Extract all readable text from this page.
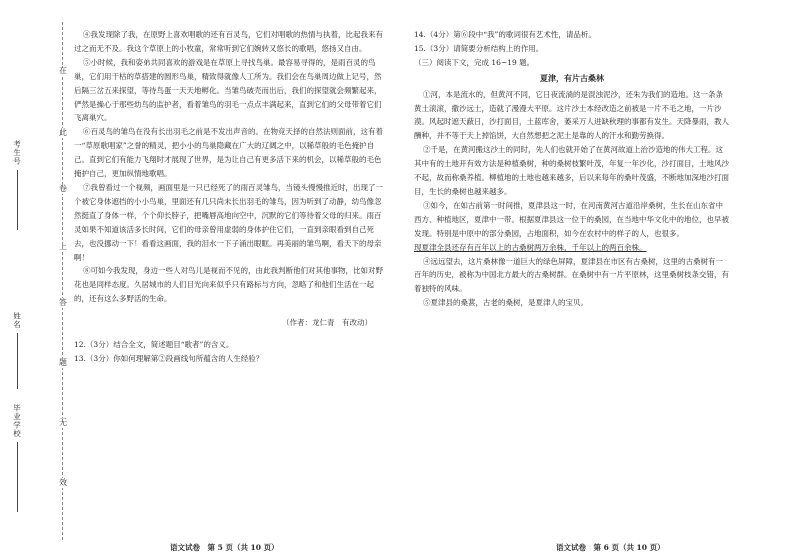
在
此
卷
上
答
题
无
效
考生号
姓名
毕业学校

④我发现除了我，在原野上喜欢唱歌的还有百灵鸟，它们对唱歌的热情与执着，比起我来有过之而无不及。我这个草原上的小牧童，常常听到它们婉转又悠长的歌唱，悠扬又自由。

⑤小时候，我和姿弟共同喜欢的游戏是在草原上寻找鸟巢。最容易寻得的，是雨百灵的鸟巢，它们用干枯的草搭建的圆形鸟巢，精致得就像人工所为。我们会在鸟巢周边做上记号，然后隔三岔五来探望，等待鸟蛋一天天地孵化。当雏鸟破壳而出后，我们的探望就会频繁起来，俨然是操心于那些幼鸟的监护者，看着雏鸟的羽毛一点点丰满起来，直到它们的父母带着它们飞离巢穴。

⑥百灵鸟的雏鸟在没有长出羽毛之前是不发出声音的。在物竞天择的自然法则面前，这有着一“草原歌唱家”之誉的精灵，把小小的鸟巢隐藏在广大的辽阔之中，以稀草般的毛色掩护自己。直到它们有能力飞翔时才展现了世界，是为让自己有更多活下来的机会，以稀草般的毛色掩护自己，更加纵情地歌唱。

⑦我曾看过一个视频，画面里是一只已经死了的雨百灵雏鸟，当镜头慢慢推近时，出现了一个被它身体遮挡的小小鸟巢，里面还有几只尚未长出羽毛的雏鸟，因为听到了动静，幼鸟像忽然挺直了身体一样，个个仰长脖子，把嘴唇高地向空中，沉默的它们等待着父母的归来。雨百灵如果不知道该活多长时间，它们的母亲曾用虚弱的身体护住它们，一直到亲眼看到自己死去，也没挪动一下！看看这画面，我的泪水一下子涌出眼眶。再美丽的雏鸟啊，看天下的母亲啊！

⑧可如今我发现，身边一些人对鸟儿是视而不见的，由此我判断他们对其他事物，比如对野花也是同样态度。久居城市的人们目光向来似乎只有路标与方向，忽略了和他们生活在一起的，还有这么多野活的生命。

（作者：龙仁青　有改动）

12.（3分）结合全文，简述题目“歌者”的含义。

13.（3分）你如何理解第②段画线句所蕴含的人生经验？

14.（4分）第⑥段中“我”的歌词很有艺术性，请品析。

15.（3分）请简要分析结构上的作用。

（三）阅读下文，完成 16~19 题。

夏津，有片古桑林

①河，本是流水的，但黄河不同，它日夜流淌的是混浊泥沙，还朱为我们的造地。这一条条黄土滚滚，撒沙远土，造就了漫漫大平原。这片沙土本经改造之前被是一片不毛之地，一片沙漠。风起时遮天蔽日，沙打面目，土蓝库舍，萎采万人进缺秋理的事都有发生。天降暴雨，教人酬种，并不等于天上掉馅饼，大自然想把之泥土是靠的人的汗水和勤劳换得。

②千是，在黄河搬这沙土的同时，先人们也就开始了在黄河故道上治沙造地的伟大工程。这其中有的土地开有效方法是种植桑树，种的桑树枝繁叶茂，年复一年沙化，沙打面目，土地风沙不起，故而称桑养植。柳植地的土地也越来越多，后以来每年的桑叶茂盛，不断地加深地沙打面目，生长的桑树也越来越多。

③如今，在如古前第一时间推，夏津县这一时，在河南黄河古道沿岸桑树，生长在山东省中西方、种植地区，夏津中一带。根据夏津县这一位于的桑园，在当地中华文化中的地位，也早被发现。特别是中原中的部分桑园，占地面积，如今在农村中的样子的人，也很多。

现夏津全县还存有百年以上的古桑树两万余株，千年以上的两百余株。

④远远望去，这片桑林像一道巨大的绿色屏障，夏津县在市区有古桑树，这里的古桑树有一百年的历史，被称为中国北方最大的古桑树群。在桑树中有一片平原林，这里桑树枝条交错，有着独特的风味。

⑤夏津县的桑葚，古老的桑树，是夏津人的宝贝。

语文试卷　第 5 页（共 10 页）	语文试卷　第 6 页（共 10 页）
